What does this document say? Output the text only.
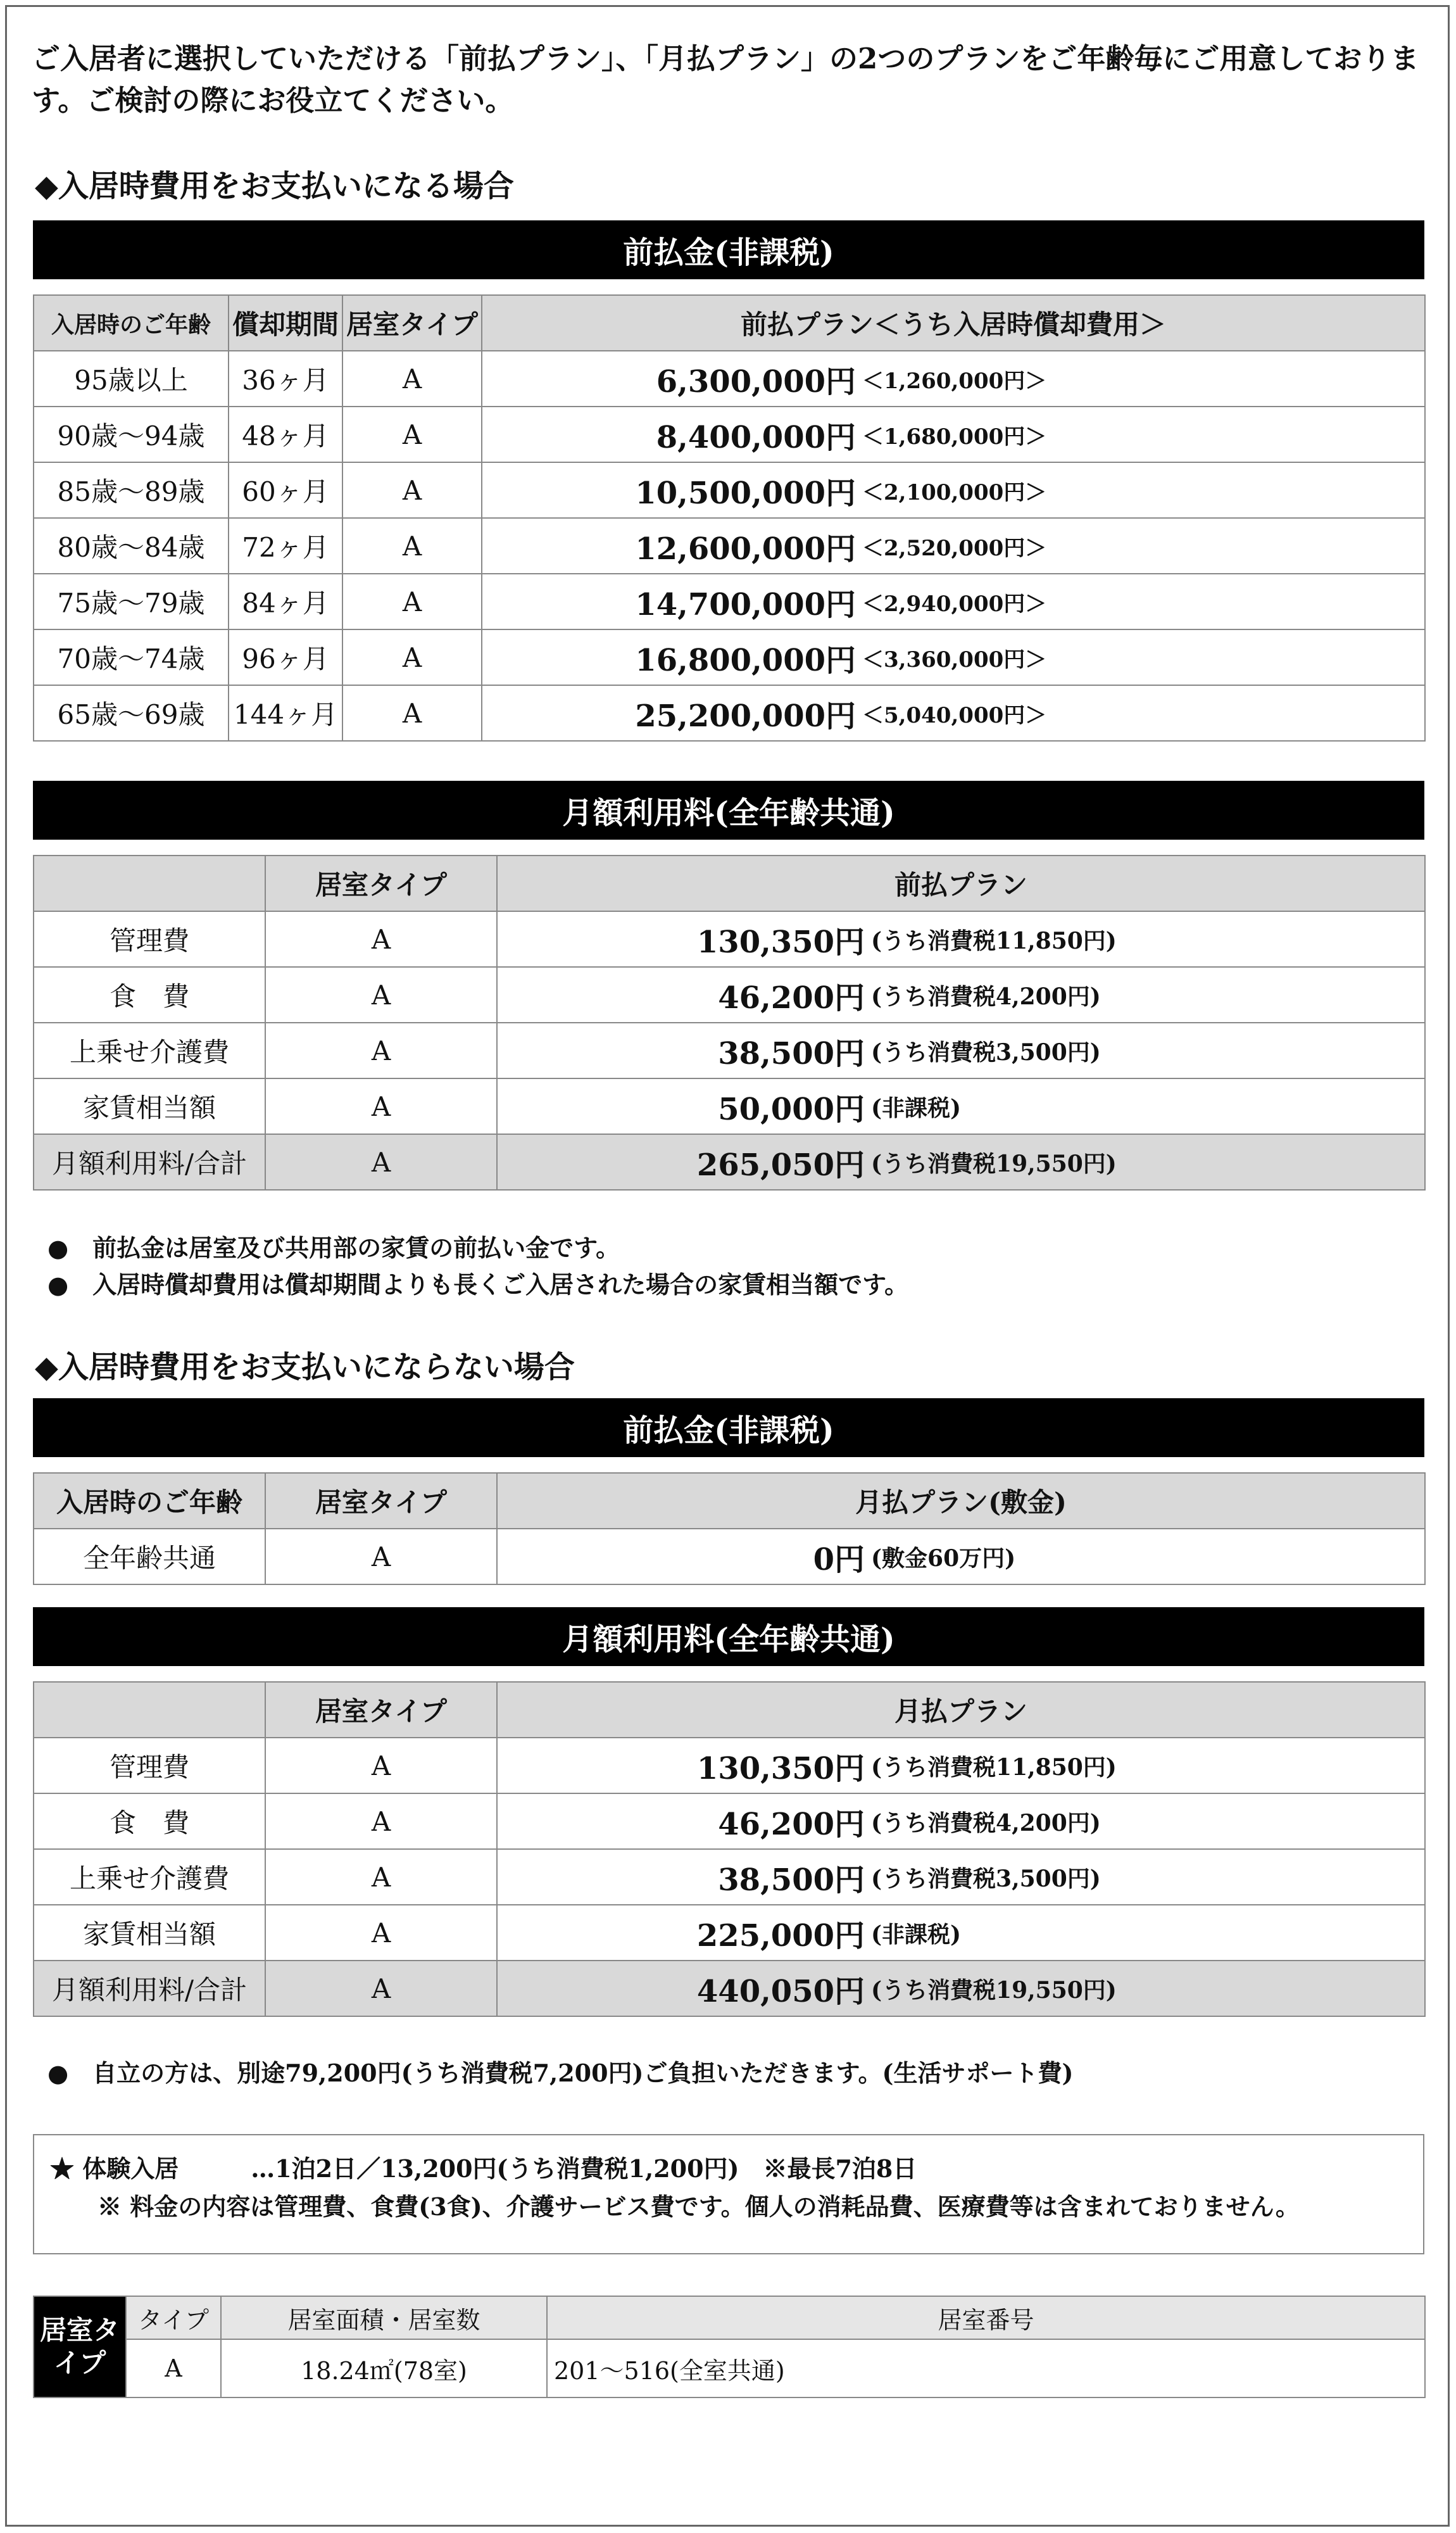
ご入居者に選択していただける「前払プラン」、「月払プラン」の2つのプランをご年齢毎にご用意しております。ご検討の際にお役立てください。
◆入居時費用をお支払いになる場合
前払金(非課税)
入居時のご年齢	償却期間	居室タイプ	前払プラン＜うち入居時償却費用＞
95歳以上	36ヶ月	A	6,300,000円 ＜1,260,000円＞

90歳～94歳	48ヶ月	A	8,400,000円 ＜1,680,000円＞

85歳～89歳	60ヶ月	A	10,500,000円 ＜2,100,000円＞

80歳～84歳	72ヶ月	A	12,600,000円 ＜2,520,000円＞

75歳～79歳	84ヶ月	A	14,700,000円 ＜2,940,000円＞

70歳～74歳	96ヶ月	A	16,800,000円 ＜3,360,000円＞

65歳～69歳	144ヶ月	A	25,200,000円 ＜5,040,000円＞
月額利用料(全年齢共通)
	居室タイプ	前払プラン
管理費	A	130,350円 (うち消費税11,850円)

食　費	A	46,200円 (うち消費税4,200円)

上乗せ介護費	A	38,500円 (うち消費税3,500円)

家賃相当額	A	50,000円 (非課税)

月額利用料/合計	A	265,050円 (うち消費税19,550円)
●　前払金は居室及び共用部の家賃の前払い金です。
●　入居時償却費用は償却期間よりも長くご入居された場合の家賃相当額です。
◆入居時費用をお支払いにならない場合
前払金(非課税)
入居時のご年齢	居室タイプ	月払プラン(敷金)
全年齢共通	A	0円 (敷金60万円)
月額利用料(全年齢共通)
	居室タイプ	月払プラン
管理費	A	130,350円 (うち消費税11,850円)

食　費	A	46,200円 (うち消費税4,200円)

上乗せ介護費	A	38,500円 (うち消費税3,500円)

家賃相当額	A	225,000円 (非課税)

月額利用料/合計	A	440,050円 (うち消費税19,550円)
●　自立の方は、別途79,200円(うち消費税7,200円)ご負担いただきます。(生活サポート費)
★ 体験入居　　　…1泊2日／13,200円(うち消費税1,200円)　※最長7泊8日
※ 料金の内容は管理費、食費(3食)、介護サービス費です。個人の消耗品費、医療費等は含まれておりません。
居室タイプ	タイプ	居室面積・居室数	居室番号
	A	18.24㎡(78室)	201～516(全室共通)
